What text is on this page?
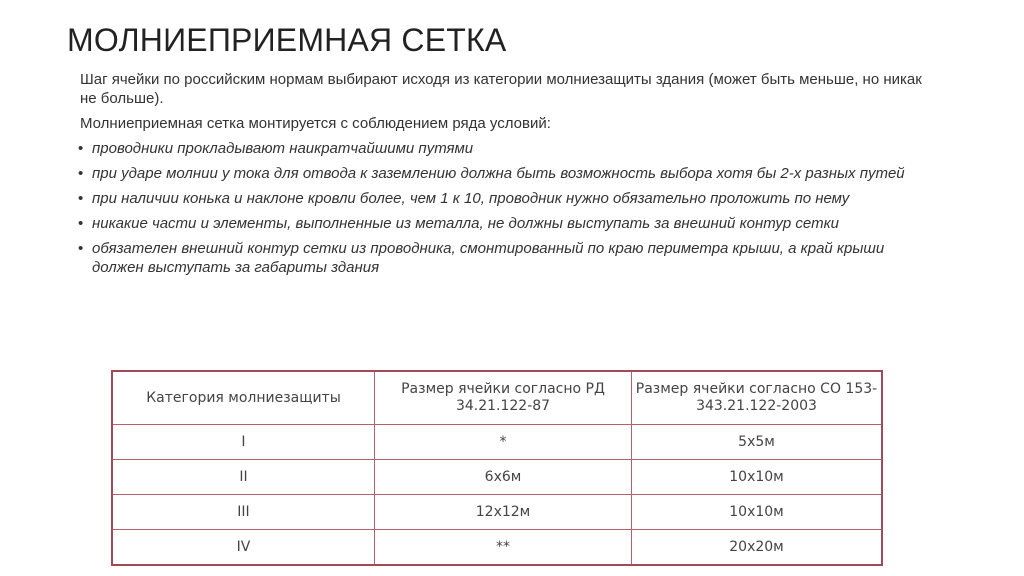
МОЛНИЕПРИЕМНАЯ СЕТКА

Шаг ячейки по российским нормам выбирают исходя из категории молниезащиты здания (может быть меньше, но никак не больше).

Молниеприемная сетка монтируется с соблюдением ряда условий:

• проводники прокладывают наикратчайшими путями
• при ударе молнии у тока для отвода к заземлению должна быть возможность выбора хотя бы 2-х разных путей
• при наличии конька и наклоне кровли более, чем 1 к 10, проводник нужно обязательно проложить по нему
• никакие части и элементы, выполненные из металла, не должны выступать за внешний контур сетки
• обязателен внешний контур сетки из проводника, смонтированный по краю периметра крыши, а край крыши должен выступать за габариты здания
Категория молниезащиты	Размер ячейки согласно РД 34.21.122-87	Размер ячейки согласно СО 153-343.21.122-2003
I	*	5х5м
II	6х6м	10х10м
III	12х12м	10х10м
IV	**	20х20м
